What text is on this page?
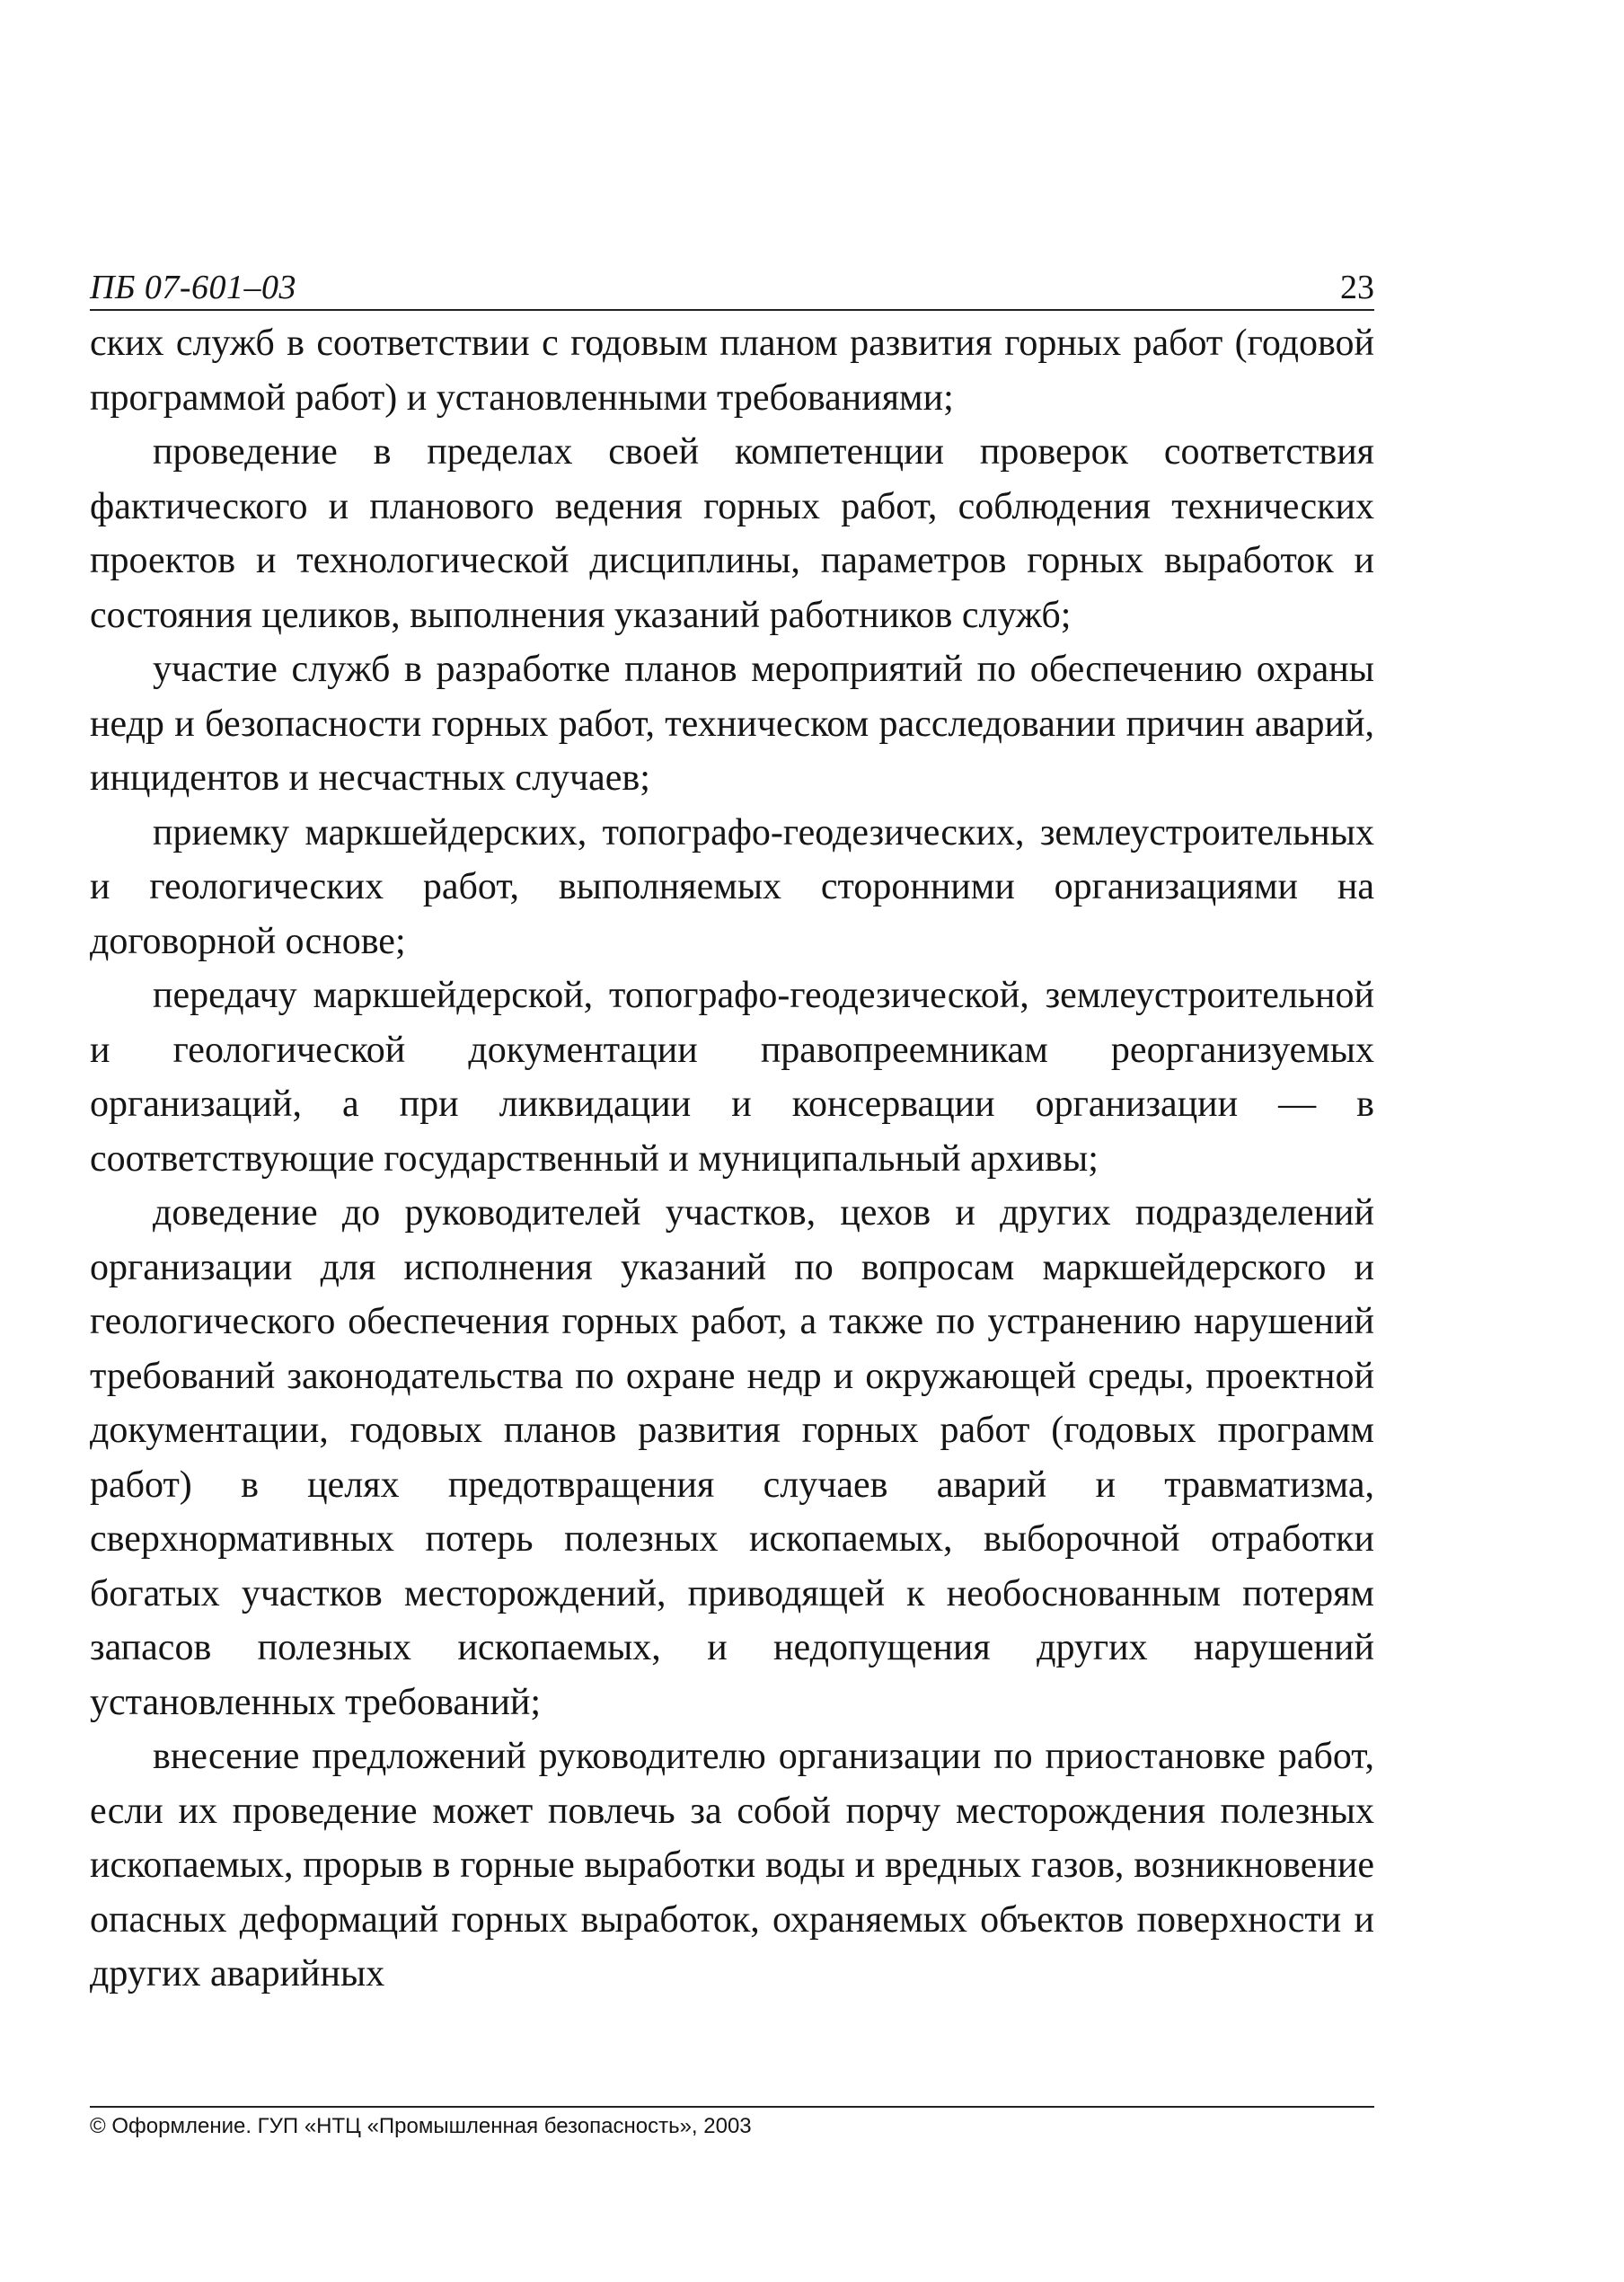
ПБ 07-601–03	23

ских служб в соответствии с годовым планом развития горных работ (годовой программой работ) и установленными требованиями;

проведение в пределах своей компетенции проверок соответствия фактического и планового ведения горных работ, соблюдения технических проектов и технологической дисциплины, параметров горных выработок и состояния целиков, выполнения указаний работников служб;

участие служб в разработке планов мероприятий по обеспечению охраны недр и безопасности горных работ, техническом расследовании причин аварий, инцидентов и несчастных случаев;

приемку маркшейдерских, топографо-геодезических, землеустроительных и геологических работ, выполняемых сторонними организациями на договорной основе;

передачу маркшейдерской, топографо-геодезической, землеустроительной и геологической документации правопреемникам реорганизуемых организаций, а при ликвидации и консервации организации — в соответствующие государственный и муниципальный архивы;

доведение до руководителей участков, цехов и других подразделений организации для исполнения указаний по вопросам маркшейдерского и геологического обеспечения горных работ, а также по устранению нарушений требований законодательства по охране недр и окружающей среды, проектной документации, годовых планов развития горных работ (годовых программ работ) в целях предотвращения случаев аварий и травматизма, сверхнормативных потерь полезных ископаемых, выборочной отработки богатых участков месторождений, приводящей к необоснованным потерям запасов полезных ископаемых, и недопущения других нарушений установленных требований;

внесение предложений руководителю организации по приостановке работ, если их проведение может повлечь за собой порчу месторождения полезных ископаемых, прорыв в горные выработки воды и вредных газов, возникновение опасных деформаций горных выработок, охраняемых объектов поверхности и других аварийных

© Оформление. ГУП «НТЦ «Промышленная безопасность», 2003
